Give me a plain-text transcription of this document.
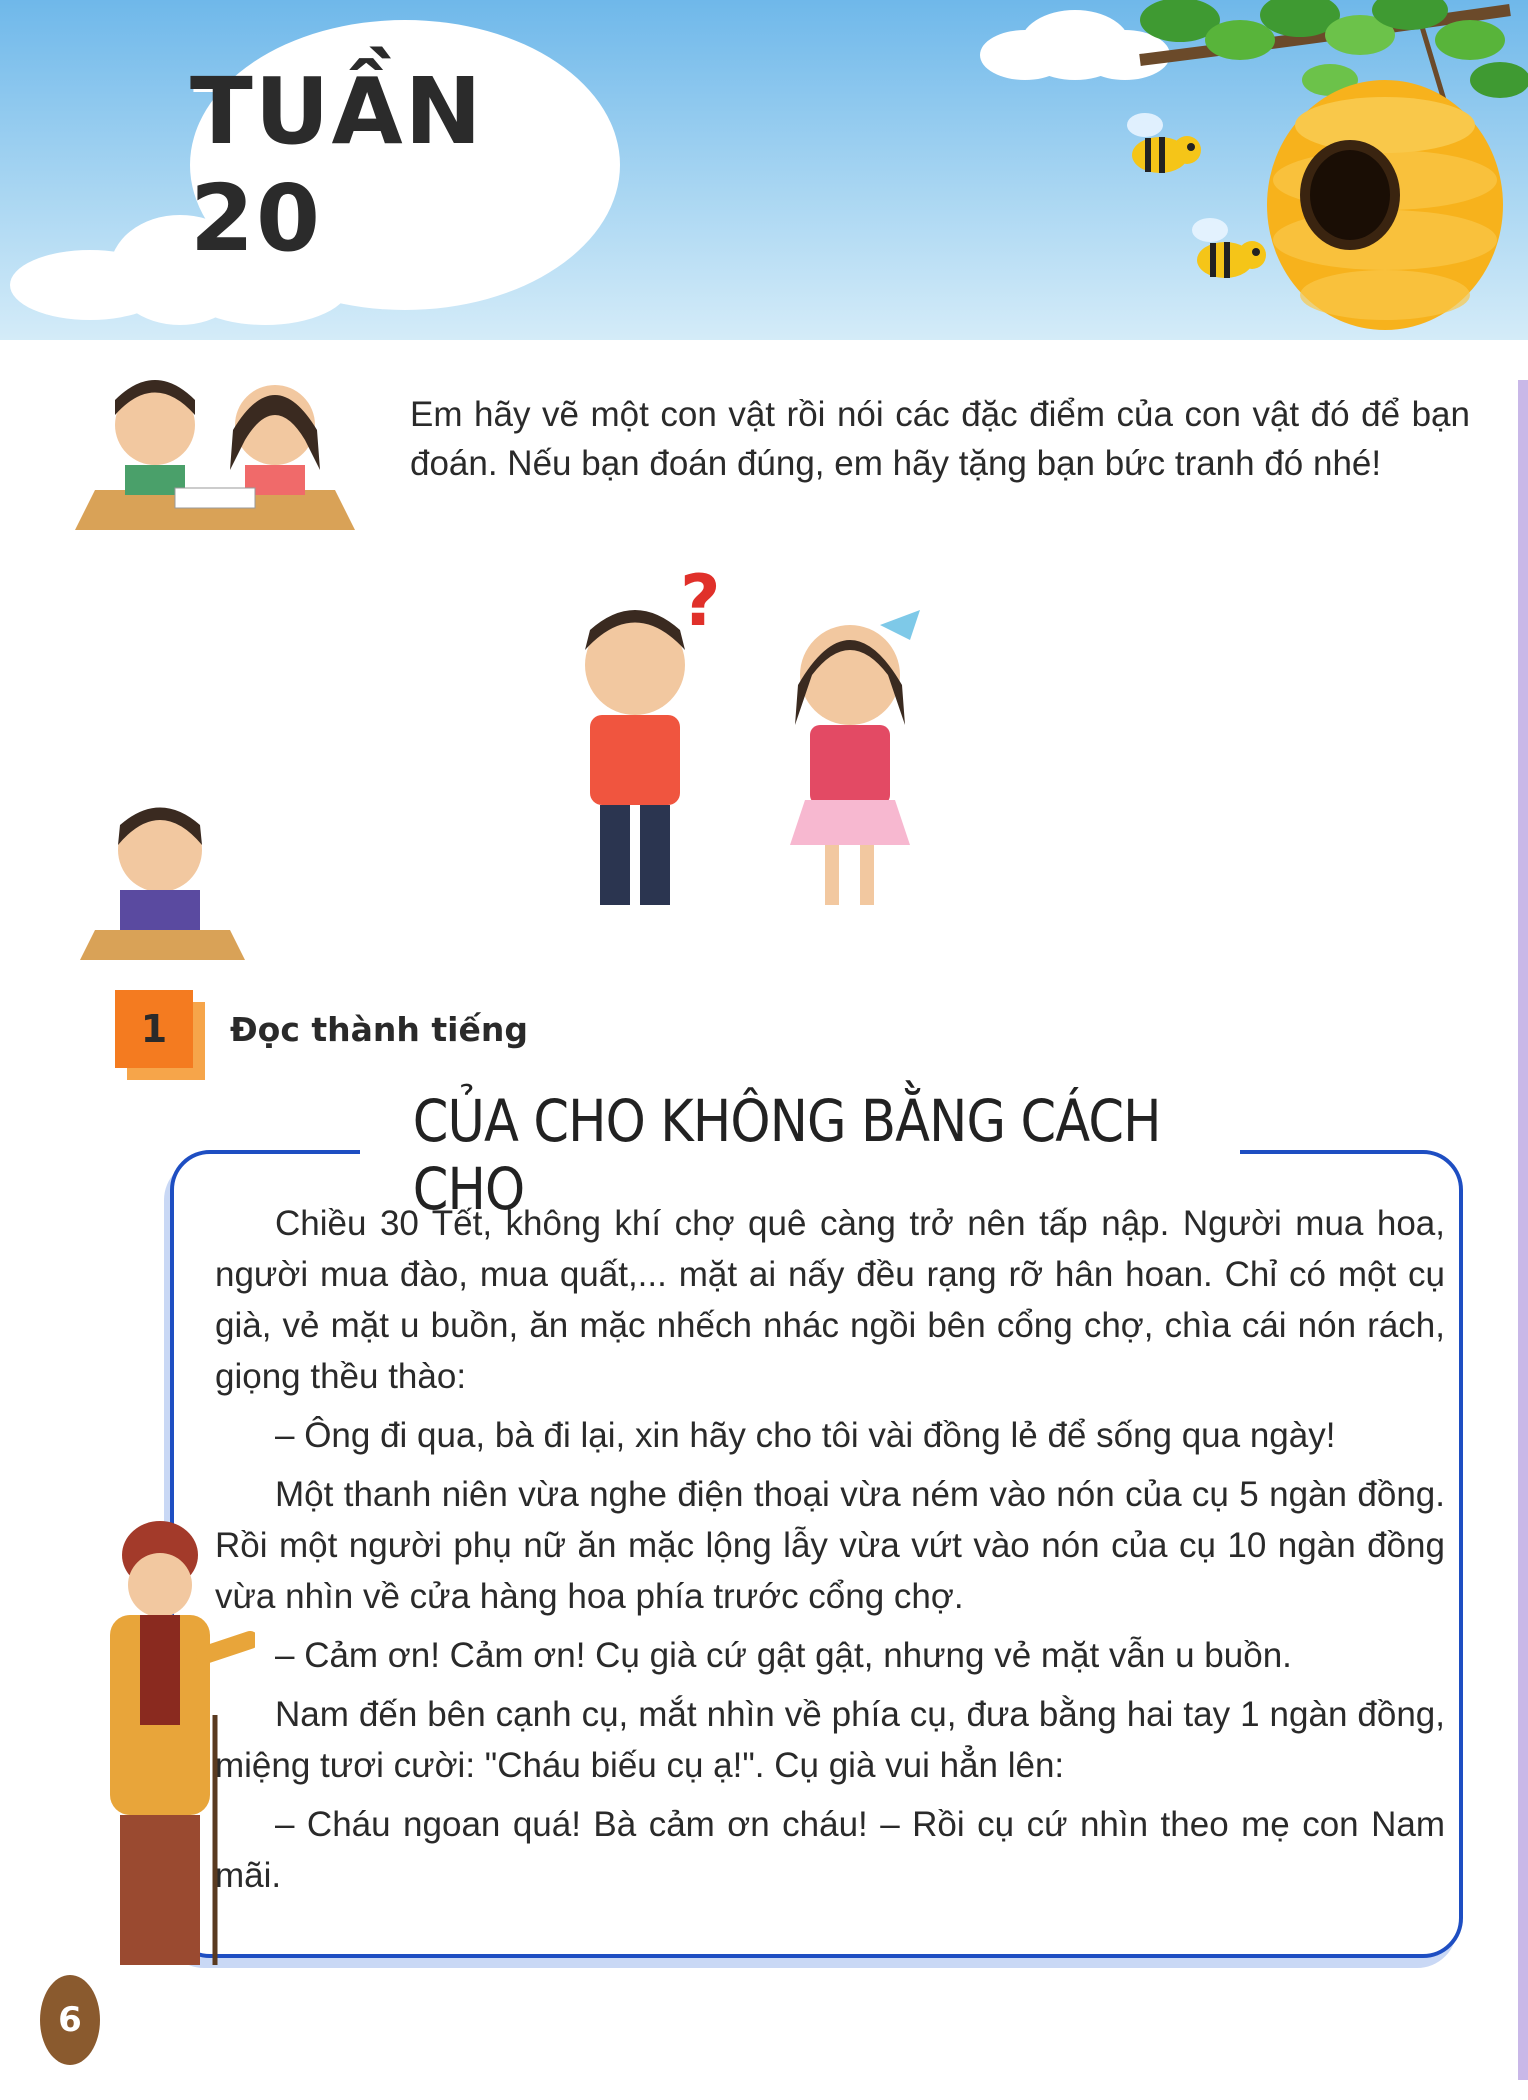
TUẦN 20
Em hãy vẽ một con vật rồi nói các đặc điểm của con vật đó để bạn đoán. Nếu bạn đoán đúng, em hãy tặng bạn bức tranh đó nhé!
?
1 Đọc thành tiếng
CỦA CHO KHÔNG BẰNG CÁCH CHO

Chiều 30 Tết, không khí chợ quê càng trở nên tấp nập. Người mua hoa, người mua đào, mua quất,... mặt ai nấy đều rạng rỡ hân hoan. Chỉ có một cụ già, vẻ mặt u buồn, ăn mặc nhếch nhác ngồi bên cổng chợ, chìa cái nón rách, giọng thều thào:

– Ông đi qua, bà đi lại, xin hãy cho tôi vài đồng lẻ để sống qua ngày!

Một thanh niên vừa nghe điện thoại vừa ném vào nón của cụ 5 ngàn đồng. Rồi một người phụ nữ ăn mặc lộng lẫy vừa vứt vào nón của cụ 10 ngàn đồng vừa nhìn về cửa hàng hoa phía trước cổng chợ.

– Cảm ơn! Cảm ơn! Cụ già cứ gật gật, nhưng vẻ mặt vẫn u buồn.

Nam đến bên cạnh cụ, mắt nhìn về phía cụ, đưa bằng hai tay 1 ngàn đồng, miệng tươi cười: "Cháu biếu cụ ạ!". Cụ già vui hẳn lên:

– Cháu ngoan quá! Bà cảm ơn cháu! – Rồi cụ cứ nhìn theo mẹ con Nam mãi.

6
